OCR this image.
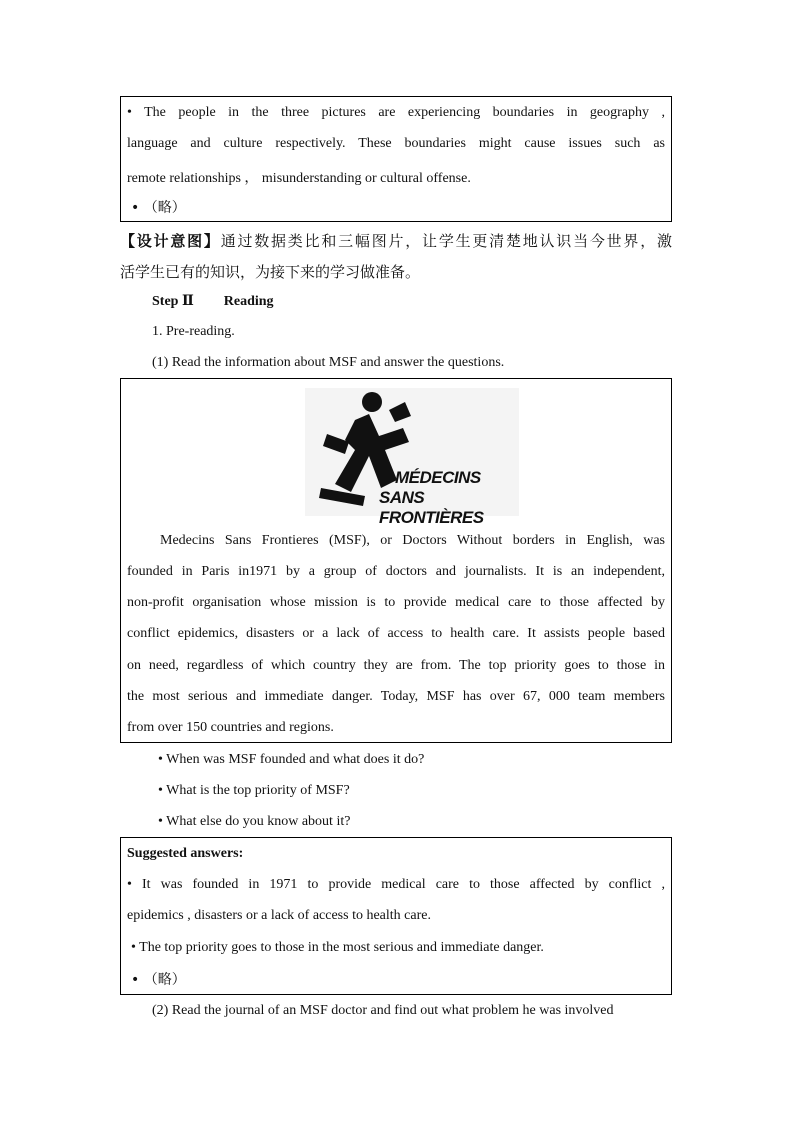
• The people in the three pictures are experiencing boundaries in geography ,
language and culture respectively. These boundaries might cause issues such as
remote relationships ， misunderstanding or cultural offense.
• （略）
【设计意图】通过数据类比和三幅图片，让学生更清楚地认识当今世界，激
活学生已有的知识，为接下来的学习做准备。
Step Ⅱ Reading
1. Pre-reading.
(1) Read the information about MSF and answer the questions.
MÉDECINS
SANS FRONTIÈRES
Medecins Sans Frontieres (MSF), or Doctors Without borders in English, was
founded in Paris in1971 by a group of doctors and journalists. It is an independent,
non-profit organisation whose mission is to provide medical care to those affected by
conflict epidemics, disasters or a lack of access to health care. It assists people based
on need, regardless of which country they are from. The top priority goes to those in
the most serious and immediate danger. Today, MSF has over 67, 000 team members
from over 150 countries and regions.
• When was MSF founded and what does it do?
• What is the top priority of MSF?
• What else do you know about it?
Suggested answers:
• It was founded in 1971 to provide medical care to those affected by conflict ,
epidemics , disasters or a lack of access to health care.
• The top priority goes to those in the most serious and immediate danger.
• （略）
(2) Read the journal of an MSF doctor and find out what problem he was involved
